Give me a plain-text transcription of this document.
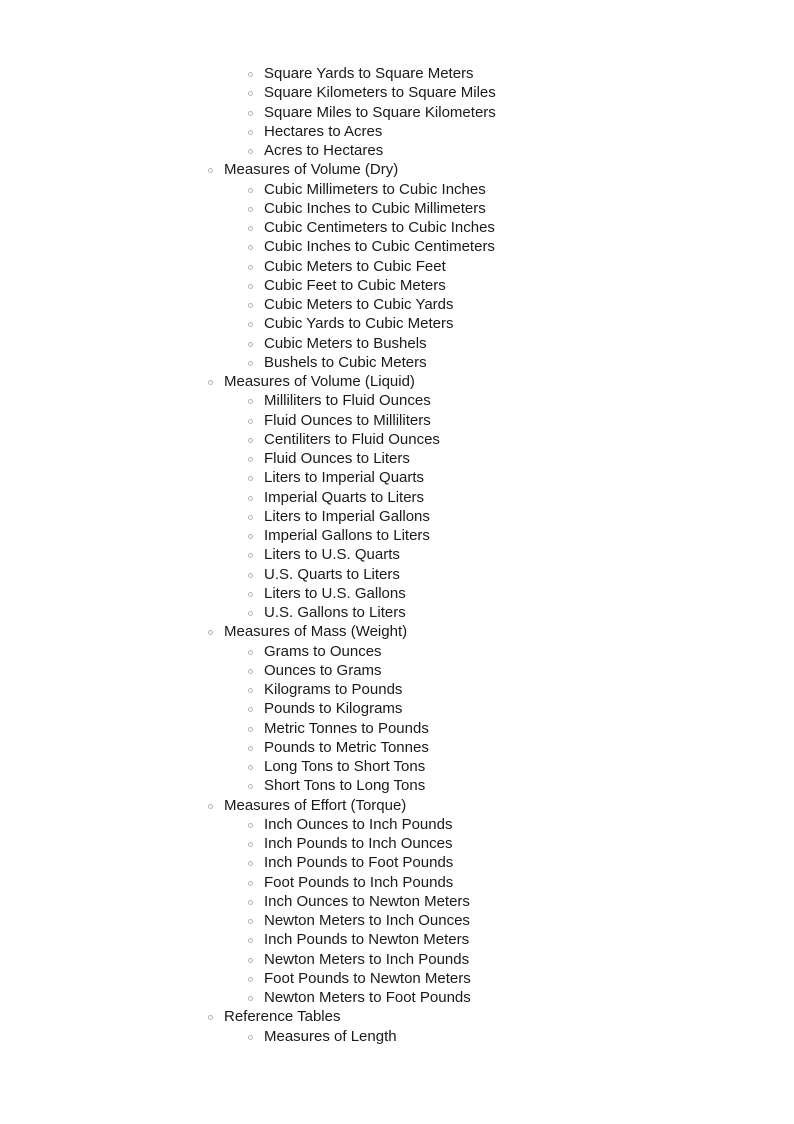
Square Yards to Square Meters
Square Kilometers to Square Miles
Square Miles to Square Kilometers
Hectares to Acres
Acres to Hectares
Measures of Volume (Dry)
Cubic Millimeters to Cubic Inches
Cubic Inches to Cubic Millimeters
Cubic Centimeters to Cubic Inches
Cubic Inches to Cubic Centimeters
Cubic Meters to Cubic Feet
Cubic Feet to Cubic Meters
Cubic Meters to Cubic Yards
Cubic Yards to Cubic Meters
Cubic Meters to Bushels
Bushels to Cubic Meters
Measures of Volume (Liquid)
Milliliters to Fluid Ounces
Fluid Ounces to Milliliters
Centiliters to Fluid Ounces
Fluid Ounces to Liters
Liters to Imperial Quarts
Imperial Quarts to Liters
Liters to Imperial Gallons
Imperial Gallons to Liters
Liters to U.S. Quarts
U.S. Quarts to Liters
Liters to U.S. Gallons
U.S. Gallons to Liters
Measures of Mass (Weight)
Grams to Ounces
Ounces to Grams
Kilograms to Pounds
Pounds to Kilograms
Metric Tonnes to Pounds
Pounds to Metric Tonnes
Long Tons to Short Tons
Short Tons to Long Tons
Measures of Effort (Torque)
Inch Ounces to Inch Pounds
Inch Pounds to Inch Ounces
Inch Pounds to Foot Pounds
Foot Pounds to Inch Pounds
Inch Ounces to Newton Meters
Newton Meters to Inch Ounces
Inch Pounds to Newton Meters
Newton Meters to Inch Pounds
Foot Pounds to Newton Meters
Newton Meters to Foot Pounds
Reference Tables
Measures of Length
